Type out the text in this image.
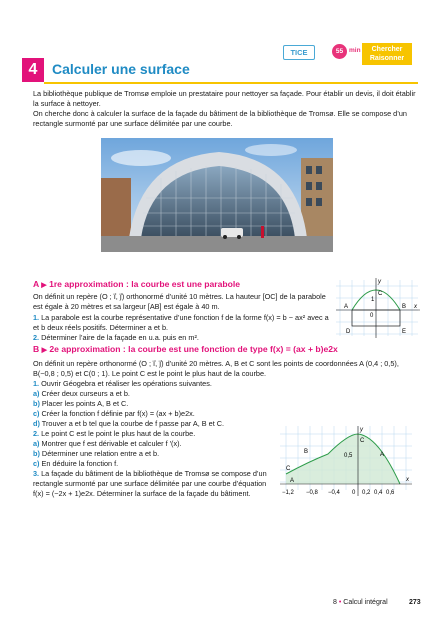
TICE	55 min	Chercher
Raisonner
4	Calculer une surface
La bibliothèque publique de Tromsø emploie un prestataire pour nettoyer sa façade. Pour établir un devis, il doit établir la surface à nettoyer.
On cherche donc à calculer la surface de la façade du bâtiment de la bibliothèque de Tromsø. Elle se compose d’un rectangle surmonté par une surface délimitée par une courbe.
A ▶ 1re approximation : la courbe est une parabole
On définit un repère (O ; i⃗, j⃗) orthonormé d’unité 10 mètres. La hauteur [OC] de la parabole
est égale à 20 mètres et sa largeur [AB] est égale à 40 m.
1. La parabole est la courbe représentative d’une fonction f de la forme f(x) = b − ax² avec a
et b deux réels positifs. Déterminer a et b.
2. Déterminer l’aire de la façade en u.a. puis en m².
y
x
1
0
A	B
C
D	E
B ▶ 2e approximation : la courbe est une fonction de type f(x) = (ax + b)e2x
On définit un repère orthonormé (O ; i⃗, j⃗) d’unité 20 mètres. A, B et C sont les points de coordonnées A (0,4 ; 0,5),
B(−0,8 ; 0,5) et C(0 ; 1). Le point C est le point le plus haut de la courbe.
1. Ouvrir Géogebra et réaliser les opérations suivantes.
a) Créer deux curseurs a et b.
b) Placer les points A, B et C.
c) Créer la fonction f définie par f(x) = (ax + b)e2x.
d) Trouver a et b tel que la courbe de f passe par A, B et C.
2. Le point C est le point le plus haut de la courbe.
a) Montrer que f est dérivable et calculer f ′(x).
b) Déterminer une relation entre a et b.
c) En déduire la fonction f.
3. La façade du bâtiment de la bibliothèque de Tromsø se compose d’un
rectangle surmonté par une surface délimitée par une courbe d’équation
f(x) = (−2x + 1)e2x. Déterminer la surface de la façade du bâtiment.
y
x
C
B	A
C
A
0,5
−1,2 −0,8 −0,4 0 0,2 0,4 0,6
8 • Calcul intégral	273
